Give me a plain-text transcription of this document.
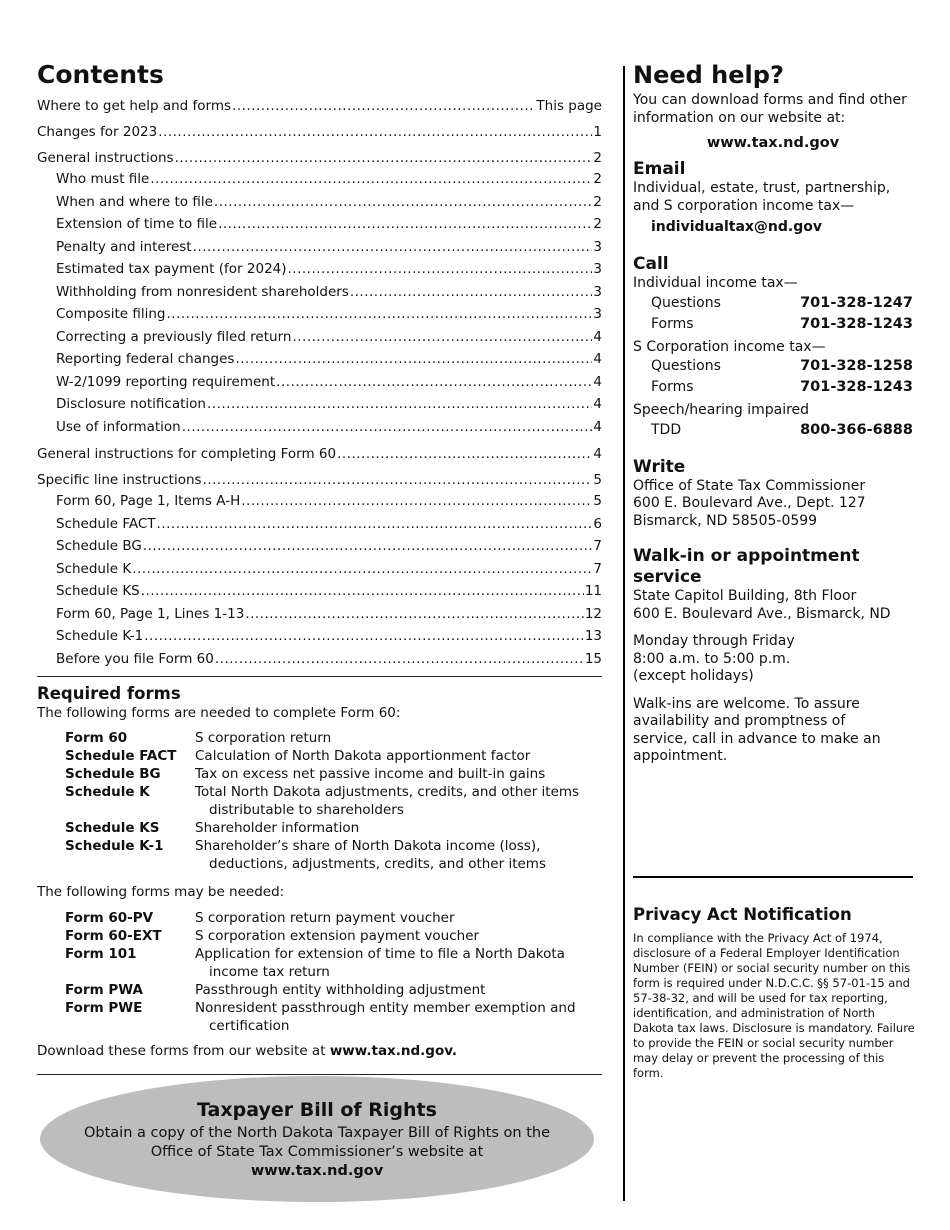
Contents
Where to get help and forms .....	This page
Changes for 2023 .....	1
General instructions .....	2
Who must file .....	2
When and where to file .....	2
Extension of time to file .....	2
Penalty and interest .....	3
Estimated tax payment (for 2024) .....	3
Withholding from nonresident shareholders .....	3
Composite filing .....	3
Correcting a previously filed return .....	4
Reporting federal changes .....	4
W-2/1099 reporting requirement .....	4
Disclosure notification .....	4
Use of information .....	4
General instructions for completing Form 60 .....	4
Specific line instructions .....	5
Form 60, Page 1, Items A-H .....	5
Schedule FACT .....	6
Schedule BG .....	7
Schedule K .....	7
Schedule KS .....	11
Form 60, Page 1, Lines 1-13 .....	12
Schedule K-1 .....	13
Before you file Form 60 .....	15
Required forms

The following forms are needed to complete Form 60:

Form 60	S corporation return
Schedule FACT	Calculation of North Dakota apportionment factor
Schedule BG	Tax on excess net passive income and built-in gains
Schedule K	Total North Dakota adjustments, credits, and other items distributable to shareholders
Schedule KS	Shareholder information
Schedule K-1	Shareholder’s share of North Dakota income (loss), deductions, adjustments, credits, and other items

The following forms may be needed:

Form 60-PV	S corporation return payment voucher
Form 60-EXT	S corporation extension payment voucher
Form 101	Application for extension of time to file a North Dakota income tax return
Form PWA	Passthrough entity withholding adjustment
Form PWE	Nonresident passthrough entity member exemption and certification

Download these forms from our website at www.tax.nd.gov.

Taxpayer Bill of Rights
Obtain a copy of the North Dakota Taxpayer Bill of Rights on the Office of State Tax Commissioner’s website at
www.tax.nd.gov
Need help?

You can download forms and find other information on our website at:

www.tax.nd.gov

Email

Individual, estate, trust, partnership, and S corporation income tax—

individualtax@nd.gov
Call

Individual income tax—

Questions	701-328-1247
Forms	701-328-1243

S Corporation income tax—

Questions	701-328-1258
Forms	701-328-1243

Speech/hearing impaired

TDD	800-366-6888
Write

Office of State Tax Commissioner

600 E. Boulevard Ave., Dept. 127

Bismarck, ND 58505-0599

Walk-in or appointment service

State Capitol Building, 8th Floor

600 E. Boulevard Ave., Bismarck, ND

Monday through Friday

8:00 a.m. to 5:00 p.m.

(except holidays)

Walk-ins are welcome. To assure availability and promptness of service, call in advance to make an appointment.

Privacy Act Notification

In compliance with the Privacy Act of 1974, disclosure of a Federal Employer Identification Number (FEIN) or social security number on this form is required under N.D.C.C. §§ 57-01-15 and 57-38-32, and will be used for tax reporting, identification, and administration of North Dakota tax laws. Disclosure is mandatory. Failure to provide the FEIN or social security number may delay or prevent the processing of this form.
